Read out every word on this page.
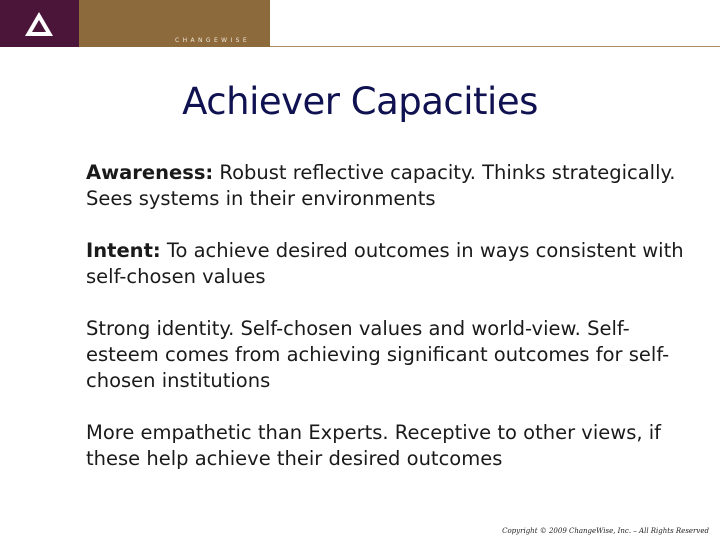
CHANGEWISE
Achiever Capacities

Awareness: Robust reflective capacity. Thinks strategically. Sees systems in their environments

Intent: To achieve desired outcomes in ways consistent with self-chosen values

Strong identity. Self-chosen values and world-view. Self-esteem comes from achieving significant outcomes for self-chosen institutions

More empathetic than Experts. Receptive to other views, if these help achieve their desired outcomes

Copyright © 2009 ChangeWise, Inc. – All Rights Reserved
